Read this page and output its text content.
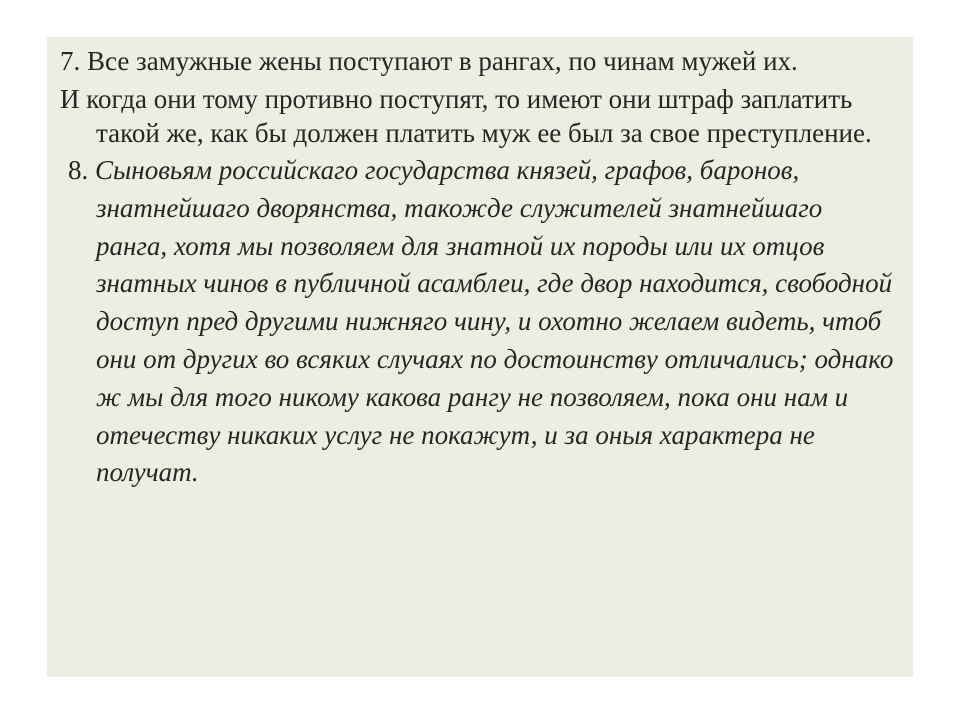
7. Все замужные жены поступают в рангах, по чинам мужей их.

И когда они тому противно поступят, то имеют они штраф заплатить такой же, как бы должен платить муж ее был за свое преступление.

8. Сыновьям российскаго государства князей, графов, баронов, знатнейшаго дворянства, такожде служителей знатнейшаго ранга, хотя мы позволяем для знатной их породы или их отцов знатных чинов в публичной асамблеи, где двор находится, свободной доступ пред другими нижняго чину, и охотно желаем видеть, чтоб они от других во всяких случаях по достоинству отличались; однако ж мы для того никому какова рангу не позволяем, пока они нам и отечеству никаких услуг не покажут, и за оныя характера не получат.
